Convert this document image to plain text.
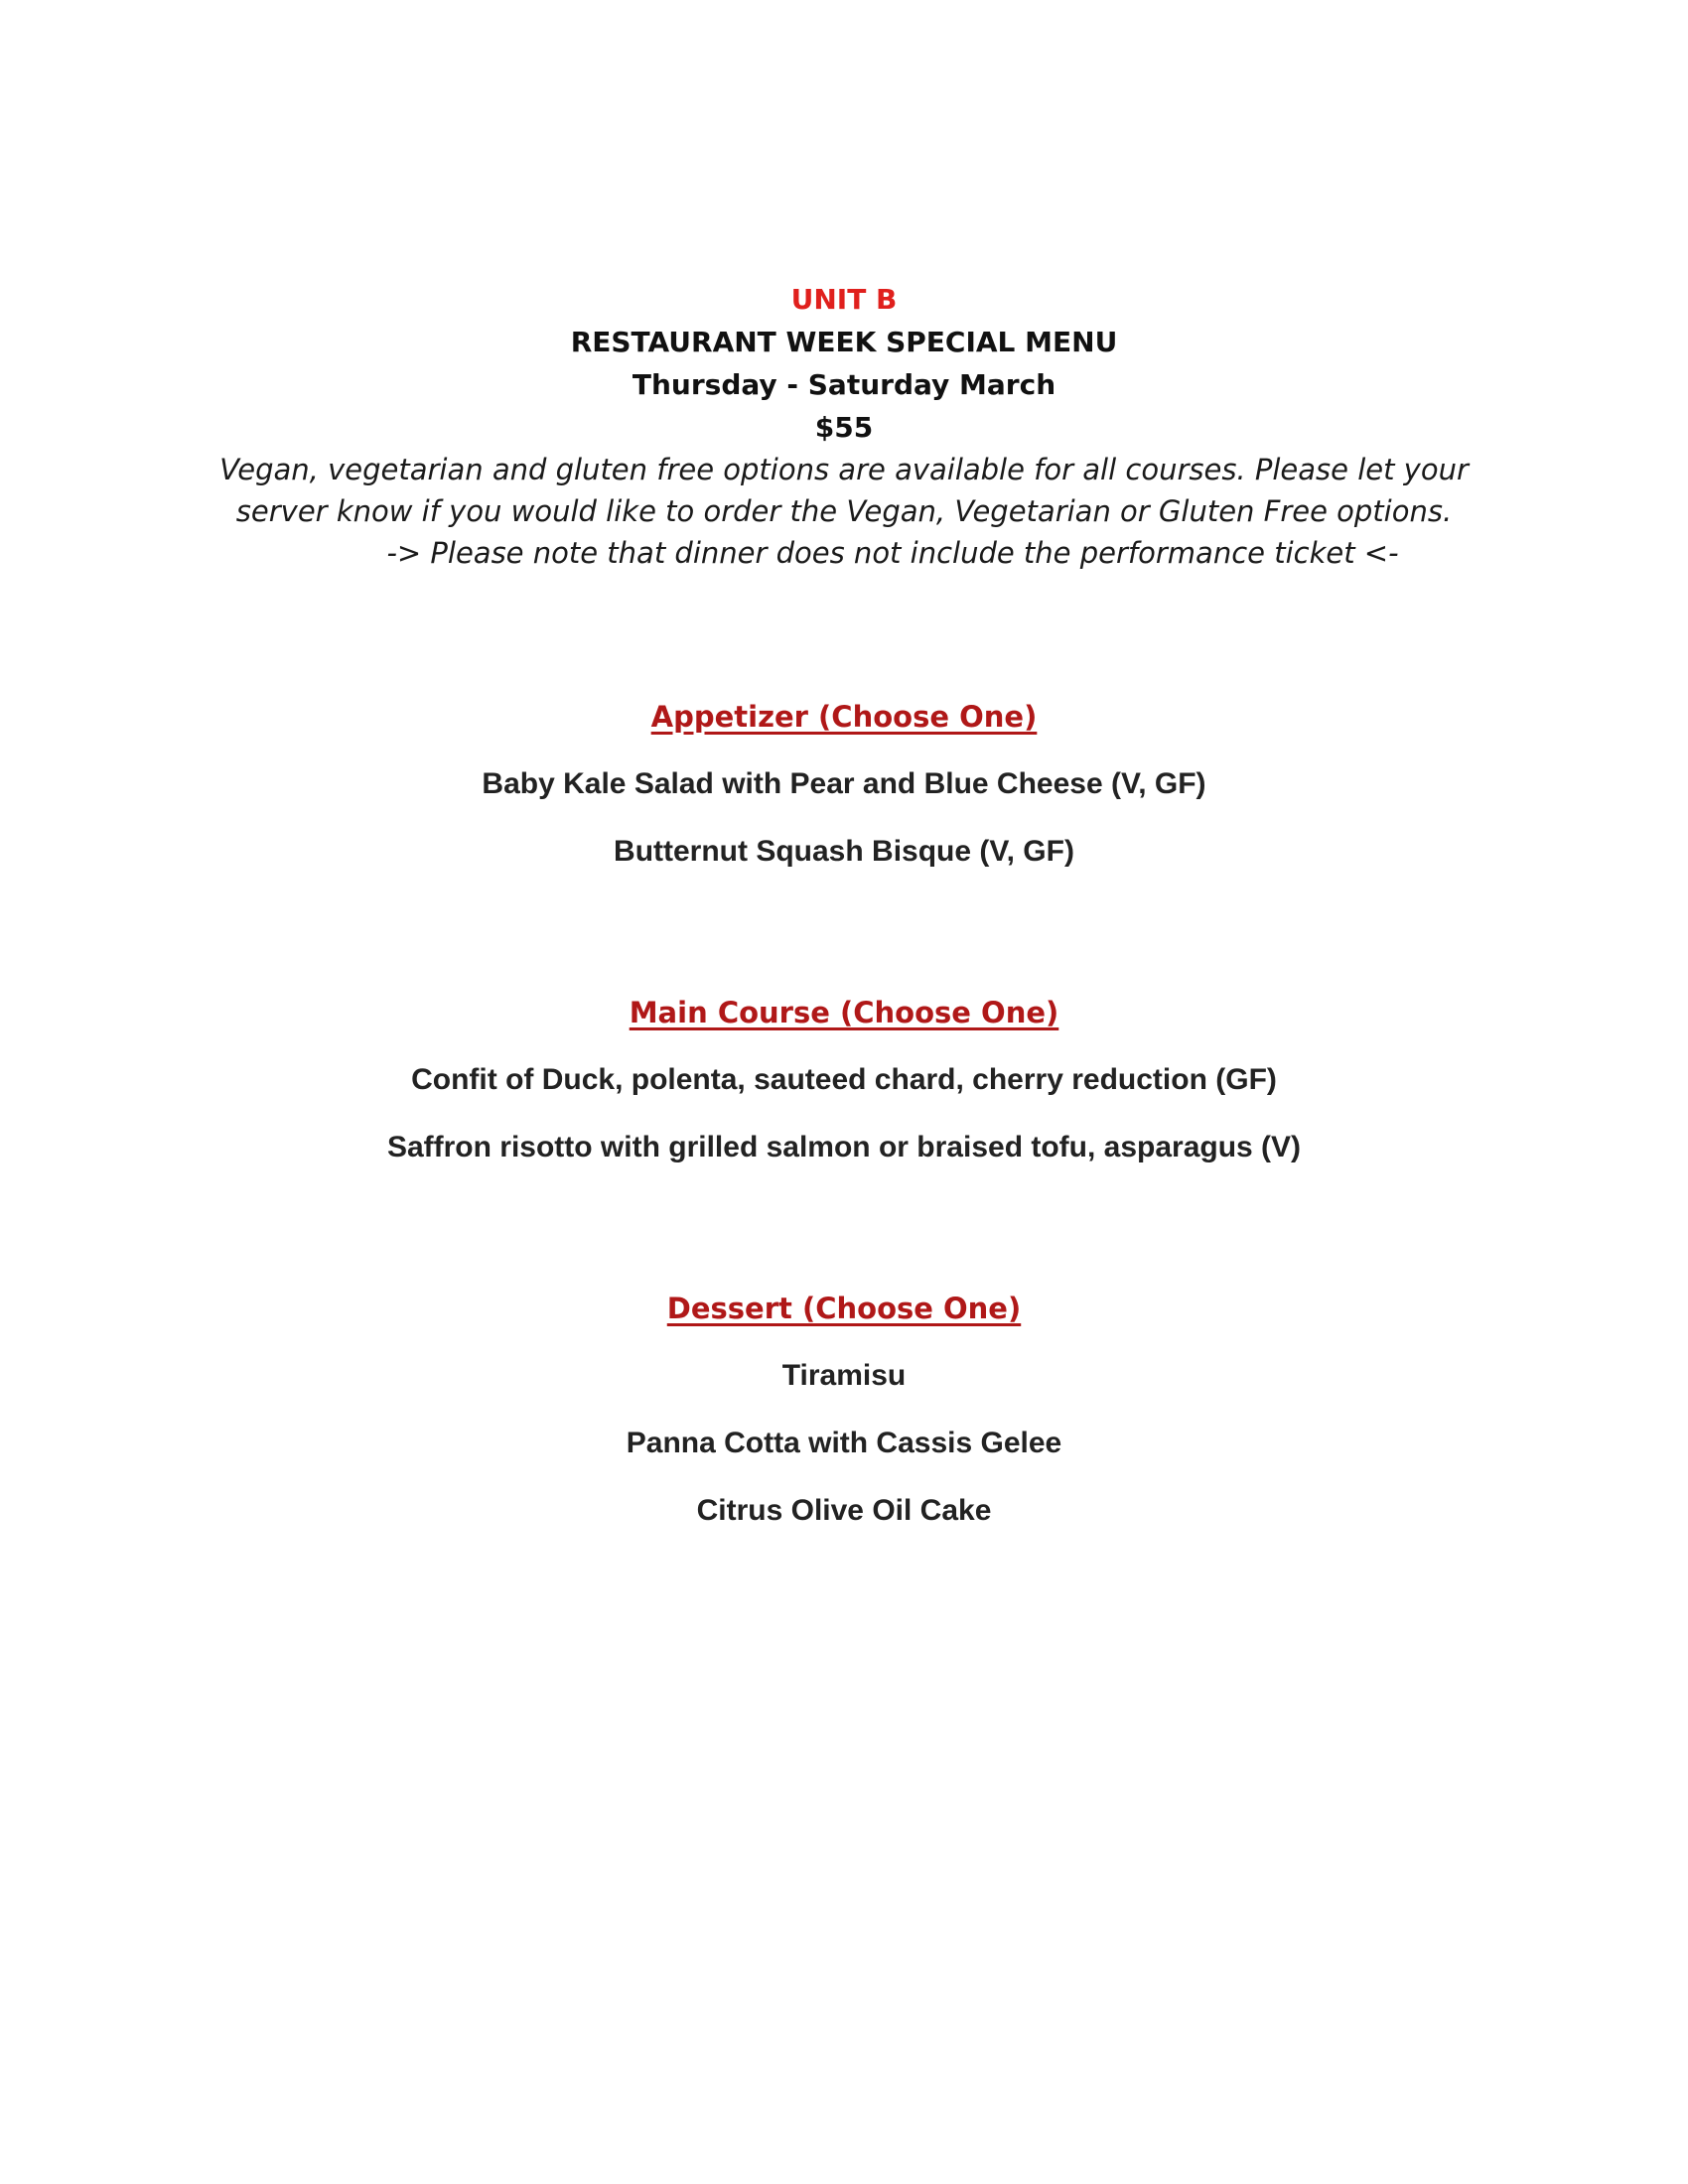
UNIT B

RESTAURANT WEEK SPECIAL MENU

Thursday - Saturday March

$55

Vegan, vegetarian and gluten free options are available for all courses. Please let your server know if you would like to order the Vegan, Vegetarian or Gluten Free options.

-> Please note that dinner does not include the performance ticket <-

Appetizer (Choose One)

Baby Kale Salad with Pear and Blue Cheese (V, GF)

Butternut Squash Bisque (V, GF)

Main Course (Choose One)

Confit of Duck, polenta, sauteed chard, cherry reduction (GF)

Saffron risotto with grilled salmon or braised tofu, asparagus (V)

Dessert (Choose One)

Tiramisu

Panna Cotta with Cassis Gelee

Citrus Olive Oil Cake
